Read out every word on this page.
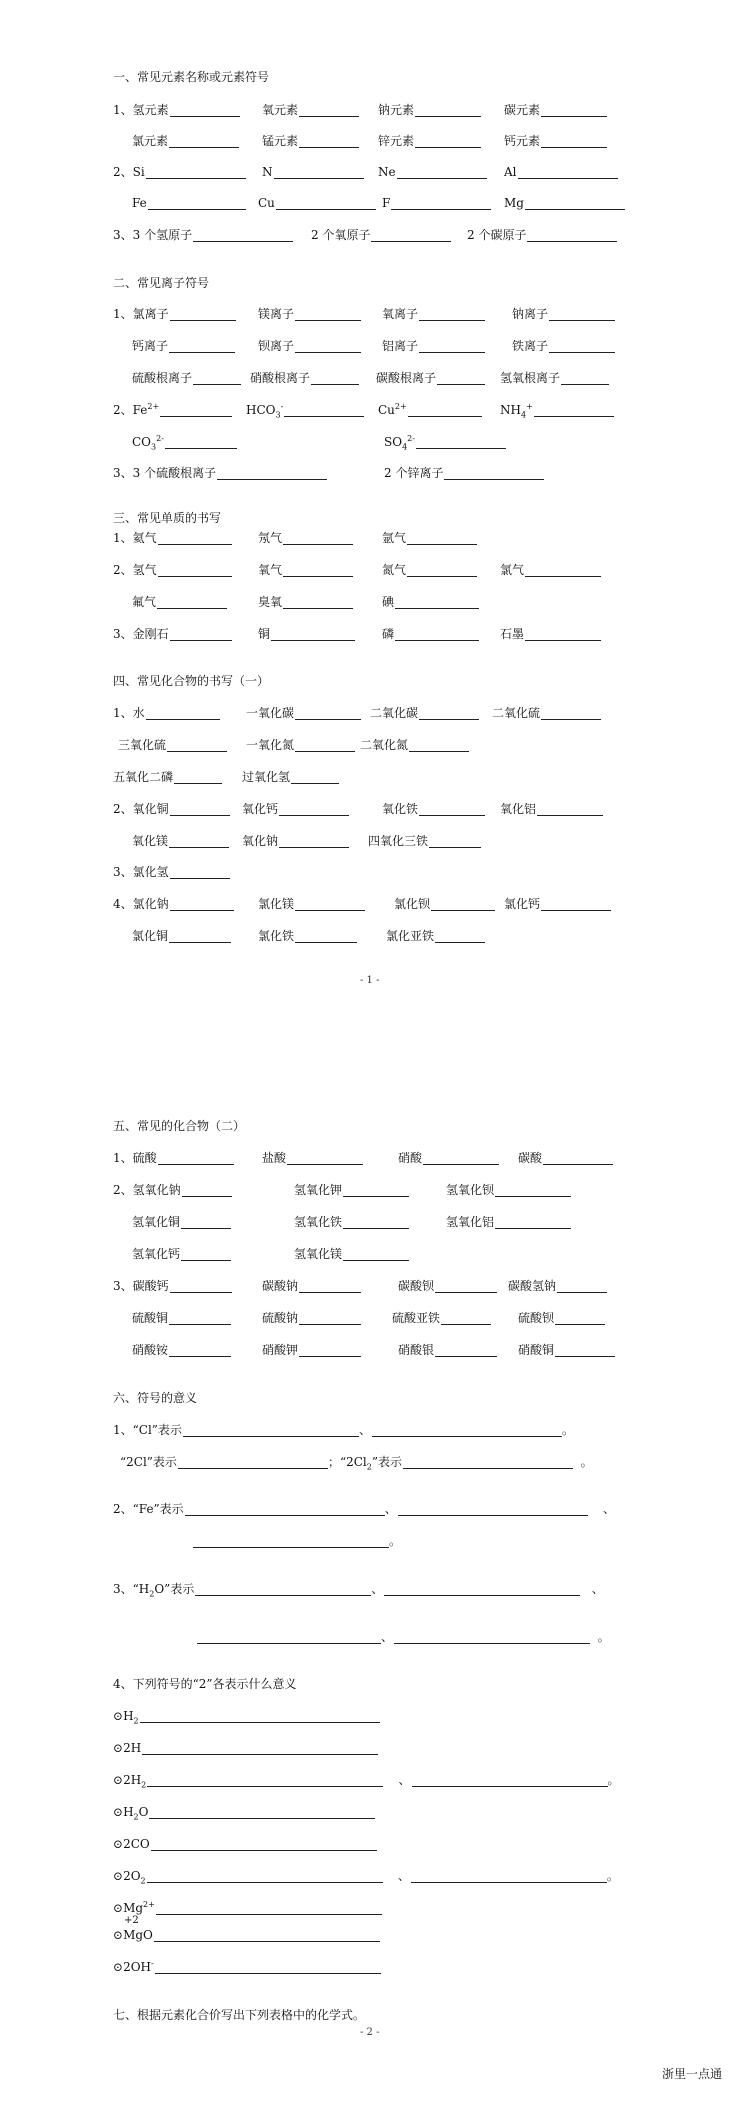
一、常见元素名称或元素符号
1、氢元素	氧元素	钠元素	碳元素
氯元素	锰元素	锌元素	钙元素
2、Si	N	Ne	Al
Fe	Cu	F	Mg
3、3 个氢原子	2 个氧原子	2 个碳原子
二、常见离子符号
1、氯离子	镁离子	氧离子	钠离子
钙离子	钡离子	铝离子	铁离子
硫酸根离子	硝酸根离子	碳酸根离子	氢氧根离子
2、$Fe^{2+}$	$HCO_3^-$	$Cu^{2+}$	$NH_4^+$
$CO_3^{2-}$	$SO_4^{2-}$
3、3 个硫酸根离子	2 个锌离子
三、常见单质的书写
1、氦气	氖气	氩气
2、氢气	氧气	氮气	氯气
氟气	臭氧	碘
3、金刚石	铜	磷	石墨
四、常见化合物的书写（一）
1、水	一氧化碳	二氧化碳	二氧化硫
三氧化硫	一氧化氮	二氧化氮
五氧化二磷	过氧化氢
2、氧化铜	氧化钙	氧化铁	氧化铝
氧化镁	氧化钠	四氧化三铁
3、氯化氢
4、氯化钠	氯化镁	氯化钡	氯化钙
氯化铜	氯化铁	氯化亚铁
- 1 -
五、常见的化合物（二）
1、硫酸	盐酸	硝酸	碳酸
2、氢氧化钠	氢氧化钾	氢氧化钡
氢氧化铜	氢氧化铁	氢氧化铝
氢氧化钙	氢氧化镁
3、碳酸钙	碳酸钠	碳酸钡	碳酸氢钠
硫酸铜	硫酸钠	硫酸亚铁	硫酸钡
硝酸铵	硝酸钾	硝酸银	硝酸铜
六、符号的意义
1、“Cl”表示	、	。
“2Cl”表示	；“$2Cl_2$”表示	。
2、“Fe”表示	、	、
。
3、“$H_2O$”表示	、	、
、	。
4、下列符号的“2”各表示什么意义
$⊙H_2$
⊙2H
$⊙2H_2$	、	。
$⊙H_2O$
⊙2CO
$⊙2O_2$	、	。
$⊙Mg^{2+}$
+2
⊙MgO
⊙2OH-
七、根据元素化合价写出下列表格中的化学式。
- 2 -
浙里一点通
